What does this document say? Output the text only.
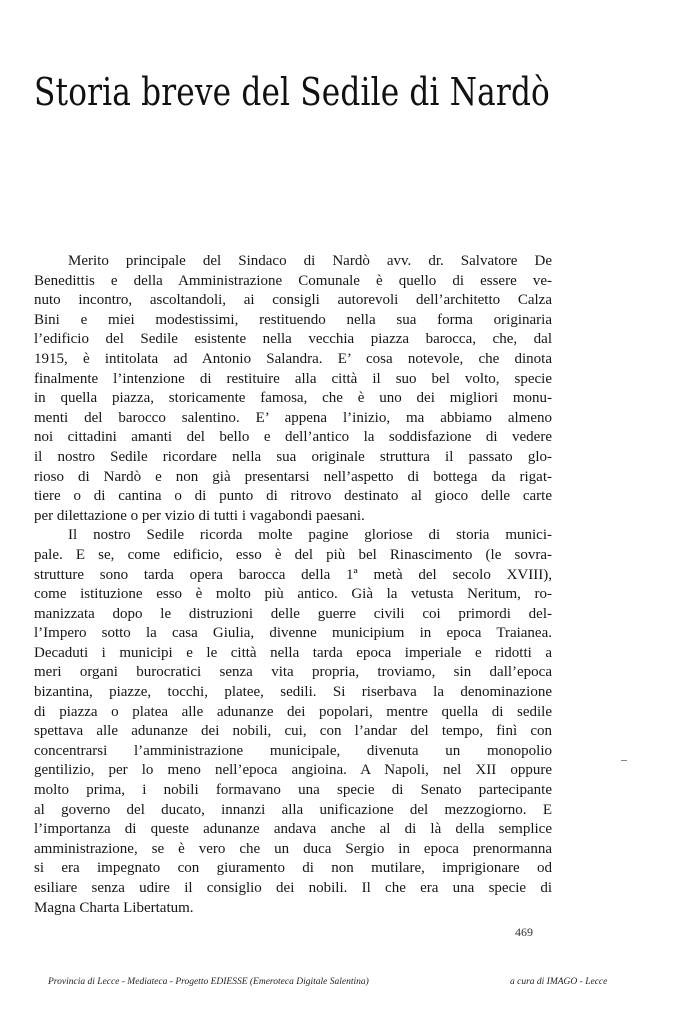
Storia breve del Sedile di Nardò
Merito principale del Sindaco di Nardò avv. dr. Salvatore De
Benedittis e della Amministrazione Comunale è quello di essere ve-
nuto incontro, ascoltandoli, ai consigli autorevoli dell’architetto Calza
Bini e miei modestissimi, restituendo nella sua forma originaria
l’edificio del Sedile esistente nella vecchia piazza barocca, che, dal
1915, è intitolata ad Antonio Salandra. E’ cosa notevole, che dinota
finalmente l’intenzione di restituire alla città il suo bel volto, specie
in quella piazza, storicamente famosa, che è uno dei migliori monu-
menti del barocco salentino. E’ appena l’inizio, ma abbiamo almeno
noi cittadini amanti del bello e dell’antico la soddisfazione di vedere
il nostro Sedile ricordare nella sua originale struttura il passato glo-
rioso di Nardò e non già presentarsi nell’aspetto di bottega da rigat-
tiere o di cantina o di punto di ritrovo destinato al gioco delle carte
per dilettazione o per vizio di tutti i vagabondi paesani.
Il nostro Sedile ricorda molte pagine gloriose di storia munici-
pale. E se, come edificio, esso è del più bel Rinascimento (le sovra-
strutture sono tarda opera barocca della 1ª metà del secolo XVIII),
come istituzione esso è molto più antico. Già la vetusta Neritum, ro-
manizzata dopo le distruzioni delle guerre civili coi primordi del-
l’Impero sotto la casa Giulia, divenne municipium in epoca Traianea.
Decaduti i municipi e le città nella tarda epoca imperiale e ridotti a
meri organi burocratici senza vita propria, troviamo, sin dall’epoca
bizantina, piazze, tocchi, platee, sedili. Si riserbava la denominazione
di piazza o platea alle adunanze dei popolari, mentre quella di sedile
spettava alle adunanze dei nobili, cui, con l’andar del tempo, finì con
concentrarsi l’amministrazione municipale, divenuta un monopolio
gentilizio, per lo meno nell’epoca angioina. A Napoli, nel XII oppure
molto prima, i nobili formavano una specie di Senato partecipante
al governo del ducato, innanzi alla unificazione del mezzogiorno. E
l’importanza di queste adunanze andava anche al di là della semplice
amministrazione, se è vero che un duca Sergio in epoca prenormanna
si era impegnato con giuramento di non mutilare, imprigionare od
esiliare senza udire il consiglio dei nobili. Il che era una specie di
Magna Charta Libertatum.
469
Provincia di Lecce - Mediateca - Progetto EDIESSE (Emeroteca Digitale Salentina)	a cura di IMAGO - Lecce
